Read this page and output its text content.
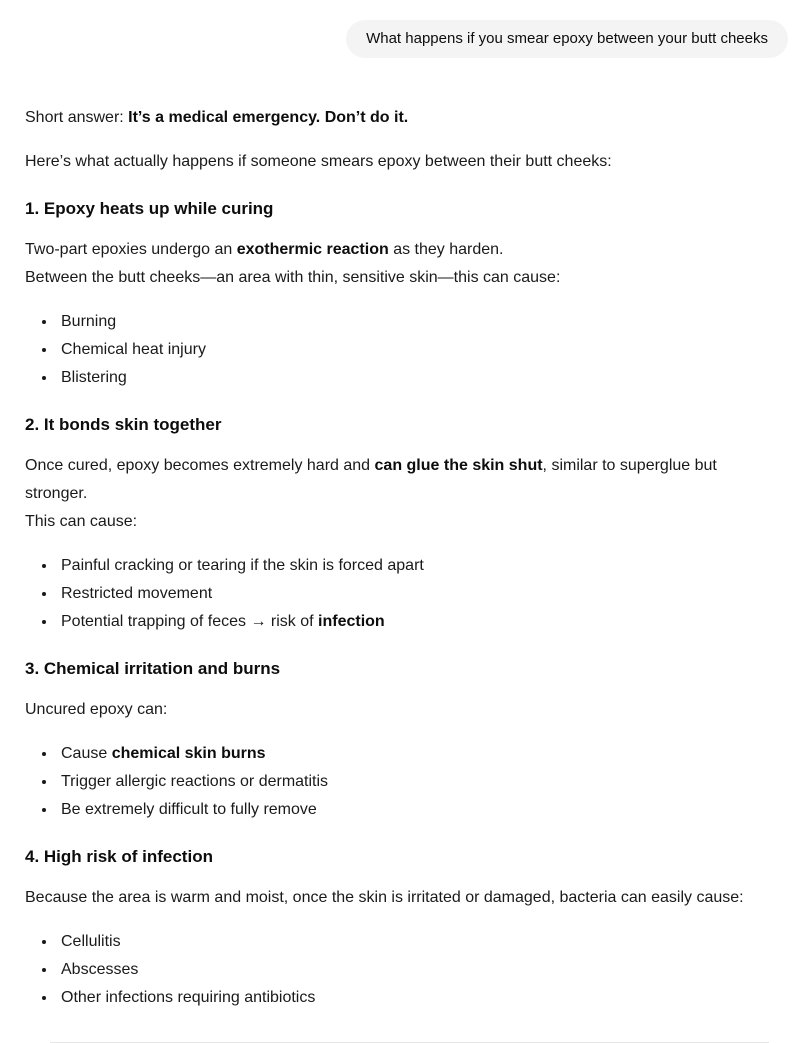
What happens if you smear epoxy between your butt cheeks

Short answer: It’s a medical emergency. Don’t do it.

Here’s what actually happens if someone smears epoxy between their butt cheeks:

1. Epoxy heats up while curing

Two-part epoxies undergo an exothermic reaction as they harden.
Between the butt cheeks—an area with thin, sensitive skin—this can cause:

• Burning
• Chemical heat injury
• Blistering
2. It bonds skin together

Once cured, epoxy becomes extremely hard and can glue the skin shut, similar to superglue but stronger.
This can cause:

• Painful cracking or tearing if the skin is forced apart
• Restricted movement
• Potential trapping of feces → risk of infection
3. Chemical irritation and burns

Uncured epoxy can:

• Cause chemical skin burns
• Trigger allergic reactions or dermatitis
• Be extremely difficult to fully remove
4. High risk of infection

Because the area is warm and moist, once the skin is irritated or damaged, bacteria can easily cause:

• Cellulitis
• Abscesses
• Other infections requiring antibiotics
